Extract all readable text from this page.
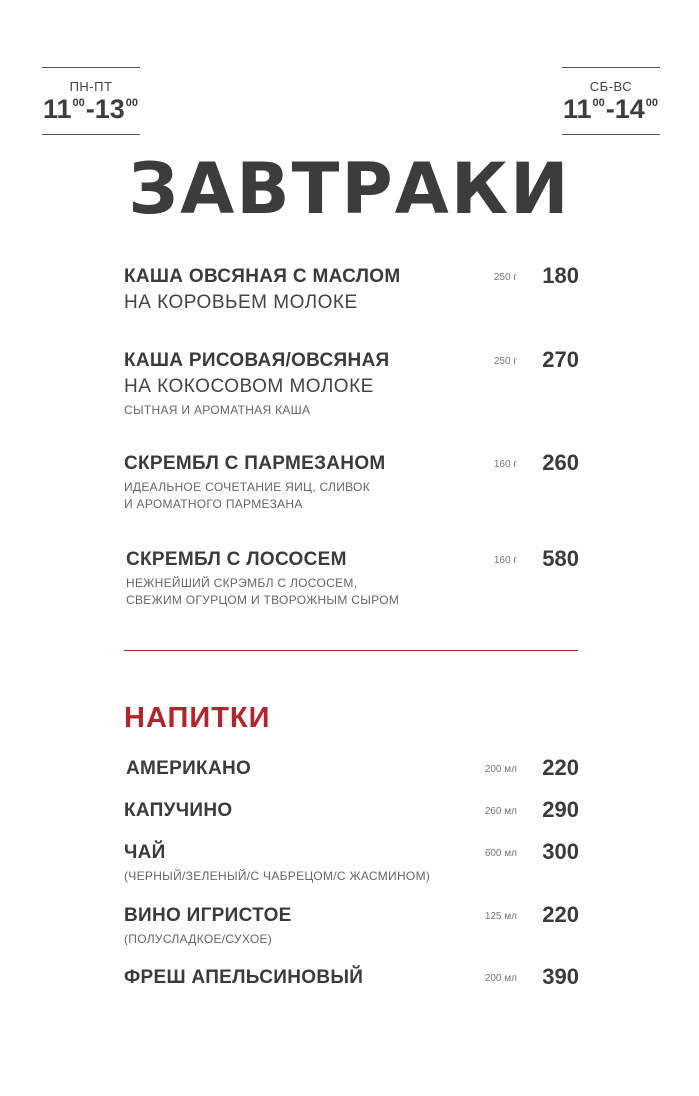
ПН-ПТ
$11^{00}-13^{00}$
СБ-ВС
$11^{00}-14^{00}$
ЗАВТРАКИ
КАША ОВСЯНАЯ С МАСЛОМ
НА КОРОВЬЕМ МОЛОКЕ
250 г 180
КАША РИСОВАЯ/ОВСЯНАЯ
НА КОКОСОВОМ МОЛОКЕ
СЫТНАЯ И АРОМАТНАЯ КАША
250 г 270
СКРЕМБЛ С ПАРМЕЗАНОМ
ИДЕАЛЬНОЕ СОЧЕТАНИЕ ЯИЦ, СЛИВОК
И АРОМАТНОГО ПАРМЕЗАНА
160 г 260
СКРЕМБЛ С ЛОСОСЕМ
НЕЖНЕЙШИЙ СКРЭМБЛ С ЛОСОСЕМ,
СВЕЖИМ ОГУРЦОМ И ТВОРОЖНЫМ СЫРОМ
160 г 580
НАПИТКИ
АМЕРИКАНО	200 мл 220
КАПУЧИНО	260 мл 290
ЧАЙ
(ЧЕРНЫЙ/ЗЕЛЕНЫЙ/С ЧАБРЕЦОМ/С ЖАСМИНОМ)
600 мл 300
ВИНО ИГРИСТОЕ
(ПОЛУСЛАДКОЕ/СУХОЕ)
125 мл 220
ФРЕШ АПЕЛЬСИНОВЫЙ	200 мл 390
